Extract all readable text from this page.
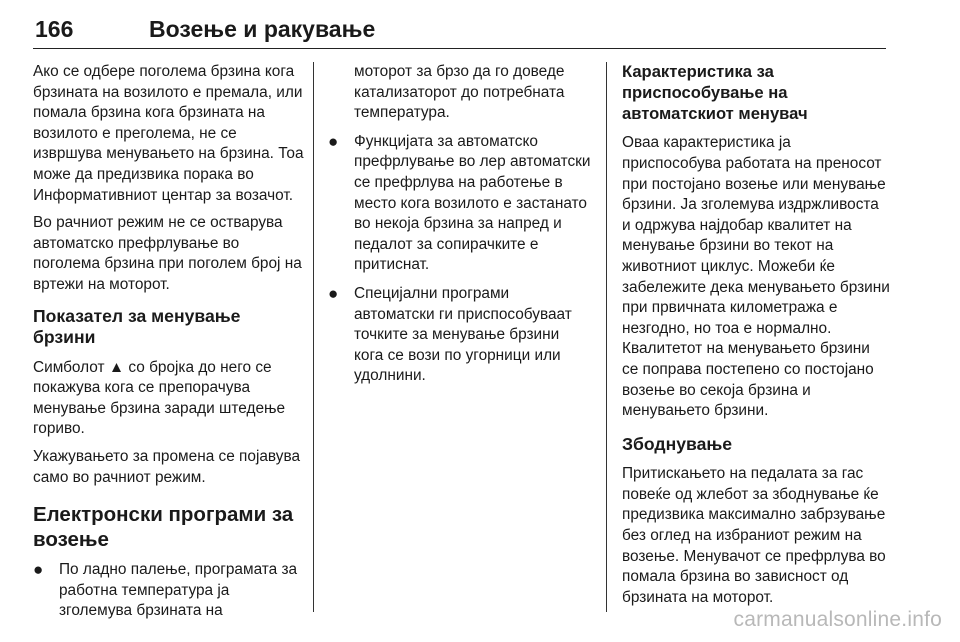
166	Возење и ракување

Ако се одбере поголема брзина кога брзината на возилото е премала, или помала брзина кога брзината на возилото е преголема, не се извршува менувањето на брзина. Тоа може да предизвика порака во Информативниот центар за возачот.

Во рачниот режим не се остварува автоматско префрлување во поголема брзина при поголем број на вртежи на моторот.

Показател за менување брзини

Симболот ▲ со бројка до него се покажува кога се препорачува менување брзина заради штедење гориво.

Укажувањето за промена се појавува само во рачниот режим.

Електронски програми за возење
●	По ладно палење, програмата за работна температура ја зголемува брзината на
моторот за брзо да го доведе катализаторот до потребната температура.
●	Функцијата за автоматско префрлување во лер автоматски се префрлува на работење в место кога возилото е застанато во некоја брзина за напред и педалот за сопирачките е притиснат.
●	Специјални програми автоматски ги приспособуваат точките за менување брзини кога се вози по угорници или удолнини.
Карактеристика за приспособување на автоматскиот менувач

Оваа карактеристика ја приспособува работата на преносот при постојано возење или менување брзини. Ја зголемува издржливоста и одржува најдобар квалитет на менување брзини во текот на животниот циклус. Можеби ќе забележите дека менувањето брзини при првичната километража е незгодно, но тоа е нормално. Квалитетот на менувањето брзини се поправа постепено со постојано возење во секоја брзина и менувањето брзини.

Збоднување

Притискањето на педалата за гас повеќе од жлебот за збоднување ќе предизвика максимално забрзување без оглед на избраниот режим на возење. Менувачот се префрлува во помала брзина во зависност од брзината на моторот.

carmanualsonline.info
